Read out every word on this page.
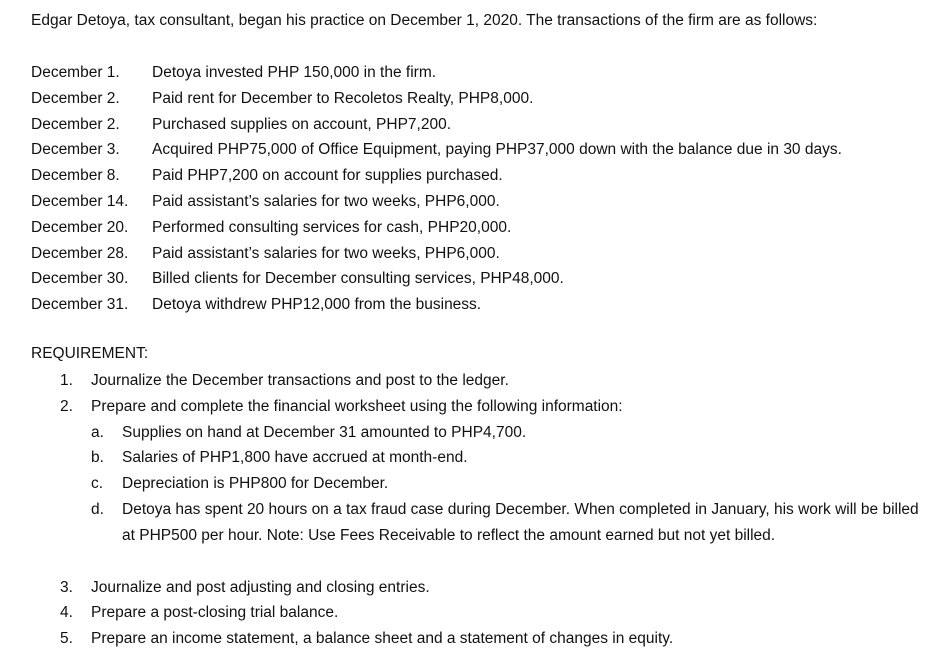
Edgar Detoya, tax consultant, began his practice on December 1, 2020. The transactions of the firm are as follows:
December 1. Detoya invested PHP 150,000 in the firm.
December 2. Paid rent for December to Recoletos Realty, PHP8,000.
December 2. Purchased supplies on account, PHP7,200.
December 3. Acquired PHP75,000 of Office Equipment, paying PHP37,000 down with the balance due in 30 days.
December 8. Paid PHP7,200 on account for supplies purchased.
December 14. Paid assistant’s salaries for two weeks, PHP6,000.
December 20. Performed consulting services for cash, PHP20,000.
December 28. Paid assistant’s salaries for two weeks, PHP6,000.
December 30. Billed clients for December consulting services, PHP48,000.
December 31. Detoya withdrew PHP12,000 from the business.
REQUIREMENT:
1. Journalize the December transactions and post to the ledger.
2. Prepare and complete the financial worksheet using the following information:
a. Supplies on hand at December 31 amounted to PHP4,700.
b. Salaries of PHP1,800 have accrued at month-end.
c. Depreciation is PHP800 for December.
d. Detoya has spent 20 hours on a tax fraud case during December. When completed in January, his work will be billed at PHP500 per hour. Note: Use Fees Receivable to reflect the amount earned but not yet billed.
3. Journalize and post adjusting and closing entries.
4. Prepare a post-closing trial balance.
5. Prepare an income statement, a balance sheet and a statement of changes in equity.
